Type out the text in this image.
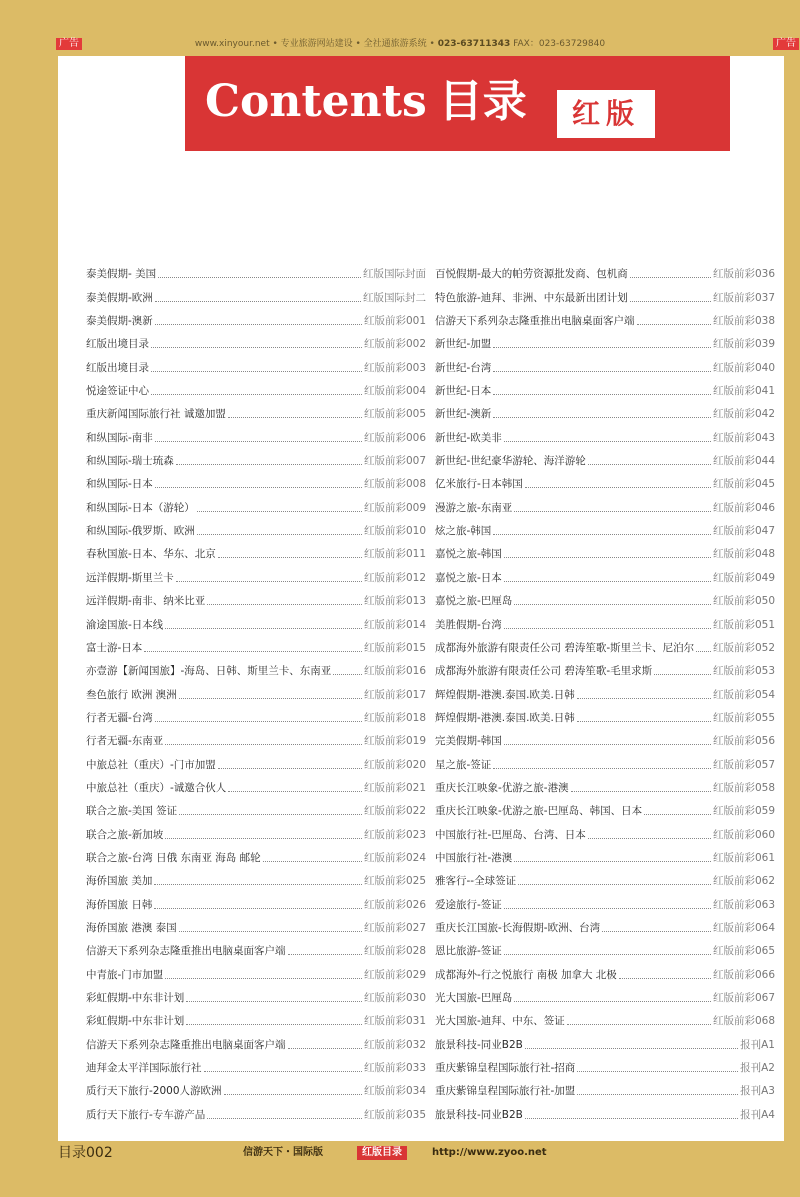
广告	www.xinyour.net • 专业旅游网站建设 • 全社通旅游系统 • 023-63711343 FAX：023-63729840	广告
Contents 目录	红版
泰美假期- 美国	红版国际封面
泰美假期-欧洲	红版国际封二
泰美假期-澳新	红版前彩001
红版出境目录	红版前彩002
红版出境目录	红版前彩003
悦途签证中心	红版前彩004
重庆新闻国际旅行社 诚邀加盟	红版前彩005
和纵国际-南非	红版前彩006
和纵国际-瑞士琉森	红版前彩007
和纵国际-日本	红版前彩008
和纵国际-日本（游轮）	红版前彩009
和纵国际-俄罗斯、欧洲	红版前彩010
春秋国旅-日本、华东、北京	红版前彩011
远洋假期-斯里兰卡	红版前彩012
远洋假期-南非、纳米比亚	红版前彩013
渝途国旅-日本线	红版前彩014
富士游-日本	红版前彩015
亦壹游【新闻国旅】-海岛、日韩、斯里兰卡、东南亚	红版前彩016
叁色旅行 欧洲 澳洲	红版前彩017
行者无疆-台湾	红版前彩018
行者无疆-东南亚	红版前彩019
中旅总社（重庆）-门市加盟	红版前彩020
中旅总社（重庆）-诚邀合伙人	红版前彩021
联合之旅-美国 签证	红版前彩022
联合之旅-新加坡	红版前彩023
联合之旅-台湾 日俄 东南亚 海岛 邮轮	红版前彩024
海侨国旅 美加	红版前彩025
海侨国旅 日韩	红版前彩026
海侨国旅 港澳 泰国	红版前彩027
信游天下系列杂志隆重推出电脑桌面客户端	红版前彩028
中青旅-门市加盟	红版前彩029
彩虹假期-中东非计划	红版前彩030
彩虹假期-中东非计划	红版前彩031
信游天下系列杂志隆重推出电脑桌面客户端	红版前彩032
迪拜金太平洋国际旅行社	红版前彩033
质行天下旅行-2000人游欧洲	红版前彩034
质行天下旅行-专车游产品	红版前彩035
百悦假期-最大的帕劳资源批发商、包机商	红版前彩036
特色旅游-迪拜、非洲、中东最新出团计划	红版前彩037
信游天下系列杂志隆重推出电脑桌面客户端	红版前彩038
新世纪-加盟	红版前彩039
新世纪-台湾	红版前彩040
新世纪-日本	红版前彩041
新世纪-澳新	红版前彩042
新世纪-欧美非	红版前彩043
新世纪-世纪豪华游轮、海洋游轮	红版前彩044
亿米旅行-日本韩国	红版前彩045
漫游之旅-东南亚	红版前彩046
炫之旅-韩国	红版前彩047
嘉悦之旅-韩国	红版前彩048
嘉悦之旅-日本	红版前彩049
嘉悦之旅-巴厘岛	红版前彩050
美胜假期-台湾	红版前彩051
成都海外旅游有限责任公司 碧涛笙歌-斯里兰卡、尼泊尔 红版前彩052
成都海外旅游有限责任公司 碧涛笙歌-毛里求斯	红版前彩053
辉煌假期-港澳.泰国.欧美.日韩	红版前彩054
辉煌假期-港澳.泰国.欧美.日韩	红版前彩055
完美假期-韩国	红版前彩056
星之旅-签证	红版前彩057
重庆长江映象-优游之旅-港澳	红版前彩058
重庆长江映象-优游之旅-巴厘岛、韩国、日本	红版前彩059
中国旅行社-巴厘岛、台湾、日本	红版前彩060
中国旅行社-港澳	红版前彩061
雅客行--全球签证	红版前彩062
爱途旅行-签证	红版前彩063
重庆长江国旅-长海假期-欧洲、台湾	红版前彩064
恩比旅游-签证	红版前彩065
成都海外-行之悦旅行 南极 加拿大 北极	红版前彩066
光大国旅-巴厘岛	红版前彩067
光大国旅-迪拜、中东、签证	红版前彩068
旅景科技-同业B2B	报刊A1
重庆紫锦皇程国际旅行社-招商	报刊A2
重庆紫锦皇程国际旅行社-加盟	报刊A3
旅景科技-同业B2B	报刊A4
目录002	信游天下・国际版	红版目录	http://www.zyoo.net
